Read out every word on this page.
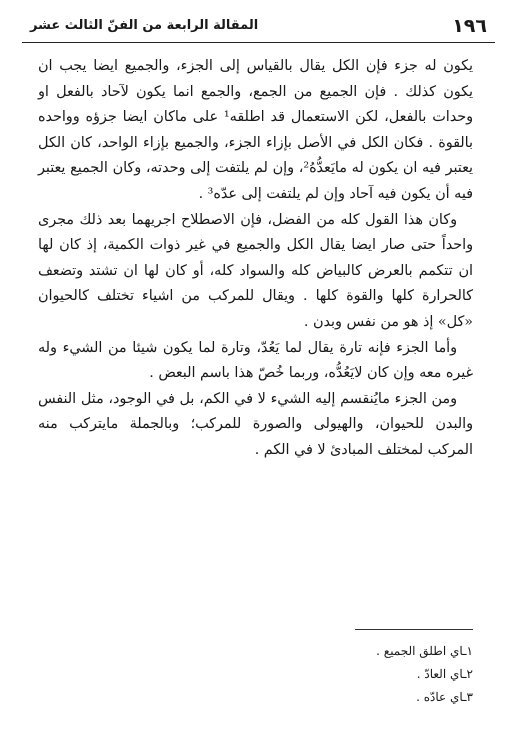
١٩٦
المقالة الرابعة من الفنّ الثالث عشر

يكون له جزء فإن الكل يقال بالقياس إلى الجزء، والجميع ايضا يجب ان يكون كذلك . فإن الجميع من الجمع، والجمع انما يكون لآحاد بالفعل او وحدات بالفعل، لكن الاستعمال قد اطلقه¹ على ماكان ايضا جزؤه وواحده بالقوة . فكان الكل في الأصل بإزاء الجزء، والجميع بإزاء الواحد، كان الكل يعتبر فيه ان يكون له مايَعدُّهُ²، وإن لم يلتفت إلى وحدته، وكان الجميع يعتبر فيه أن يكون فيه آحاد وإن لم يلتفت إلى عدّه³ .

وكان هذا القول كله من الفضل، فإن الاصطلاح اجريهما بعد ذلك مجرى واحداً حتى صار ايضا يقال الكل والجميع في غير ذوات الكمية، إذ كان لها ان تتكمم بالعرض كالبياض كله والسواد كله، أو كان لها ان تشتد وتضعف كالحرارة كلها والقوة كلها . ويقال للمركب من اشياء تختلف كالحيوان «كل» إذ هو من نفس وبدن .

وأما الجزء فإنه تارة يقال لما يَعُدّ، وتارة لما يكون شيئا من الشيء وله غيره معه وإن كان لايَعُدُّه، وربما خُصّ هذا باسم البعض .

ومن الجزء مايُنقسم إليه الشيء لا في الكم، بل في الوجود، مثل النفس والبدن للحيوان، والهيولى والصورة للمركب؛ وبالجملة مايتركب منه المركب لمختلف المبادئ لا في الكم .

١ـاي اطلق الجميع .
٢ـاي العادّ .
٣ـاي عادّه .
